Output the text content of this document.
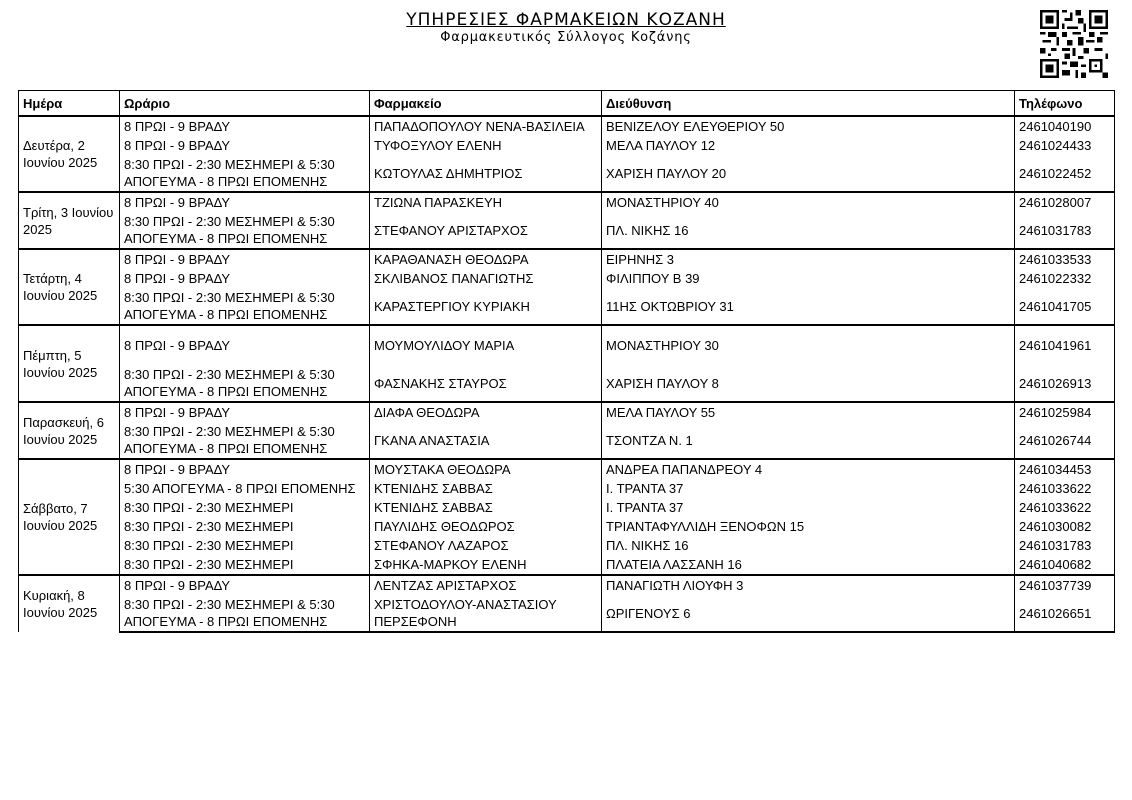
ΥΠΗΡΕΣΙΕΣ ΦΑΡΜΑΚΕΙΩΝ ΚΟΖΑΝΗ
Φαρμακευτικός Σύλλογος Κοζάνης
Ημέρα	Ωράριο	Φαρμακείο	Διεύθυνση	Τηλέφωνο
Δευτέρα, 2 Ιουνίου 2025	8 ΠΡΩΙ - 9 ΒΡΑΔΥ	ΠΑΠΑΔΟΠΟΥΛΟΥ ΝΕΝΑ-ΒΑΣΙΛΕΙΑ	ΒΕΝΙΖΕΛΟΥ ΕΛΕΥΘΕΡΙΟΥ 50	2461040190
	8 ΠΡΩΙ - 9 ΒΡΑΔΥ	ΤΥΦΟΞΥΛΟΥ ΕΛΕΝΗ	ΜΕΛΑ ΠΑΥΛΟΥ 12	2461024433
	8:30 ΠΡΩΙ - 2:30 ΜΕΣΗΜΕΡΙ & 5:30 ΑΠΟΓΕΥΜΑ - 8 ΠΡΩΙ ΕΠΟΜΕΝΗΣ	ΚΩΤΟΥΛΑΣ ΔΗΜΗΤΡΙΟΣ	ΧΑΡΙΣΗ ΠΑΥΛΟΥ 20	2461022452
Τρίτη, 3 Ιουνίου 2025	8 ΠΡΩΙ - 9 ΒΡΑΔΥ	ΤΖΙΩΝΑ ΠΑΡΑΣΚΕΥΗ	ΜΟΝΑΣΤΗΡΙΟΥ 40	2461028007
	8:30 ΠΡΩΙ - 2:30 ΜΕΣΗΜΕΡΙ & 5:30 ΑΠΟΓΕΥΜΑ - 8 ΠΡΩΙ ΕΠΟΜΕΝΗΣ	ΣΤΕΦΑΝΟΥ ΑΡΙΣΤΑΡΧΟΣ	ΠΛ. ΝΙΚΗΣ 16	2461031783
Τετάρτη, 4 Ιουνίου 2025	8 ΠΡΩΙ - 9 ΒΡΑΔΥ	ΚΑΡΑΘΑΝΑΣΗ ΘΕΟΔΩΡΑ	ΕΙΡΗΝΗΣ 3	2461033533
	8 ΠΡΩΙ - 9 ΒΡΑΔΥ	ΣΚΛΙΒΑΝΟΣ ΠΑΝΑΓΙΩΤΗΣ	ΦΙΛΙΠΠΟΥ Β 39	2461022332
	8:30 ΠΡΩΙ - 2:30 ΜΕΣΗΜΕΡΙ & 5:30 ΑΠΟΓΕΥΜΑ - 8 ΠΡΩΙ ΕΠΟΜΕΝΗΣ	ΚΑΡΑΣΤΕΡΓΙΟΥ ΚΥΡΙΑΚΗ	11ΗΣ ΟΚΤΩΒΡΙΟΥ 31	2461041705
Πέμπτη, 5 Ιουνίου 2025	8 ΠΡΩΙ - 9 ΒΡΑΔΥ	ΜΟΥΜΟΥΛΙΔΟΥ ΜΑΡΙΑ	ΜΟΝΑΣΤΗΡΙΟΥ 30	2461041961
	8:30 ΠΡΩΙ - 2:30 ΜΕΣΗΜΕΡΙ & 5:30 ΑΠΟΓΕΥΜΑ - 8 ΠΡΩΙ ΕΠΟΜΕΝΗΣ	ΦΑΣΝΑΚΗΣ ΣΤΑΥΡΟΣ	ΧΑΡΙΣΗ ΠΑΥΛΟΥ 8	2461026913
Παρασκευή, 6 Ιουνίου 2025	8 ΠΡΩΙ - 9 ΒΡΑΔΥ	ΔΙΑΦΑ ΘΕΟΔΩΡΑ	ΜΕΛΑ ΠΑΥΛΟΥ 55	2461025984
	8:30 ΠΡΩΙ - 2:30 ΜΕΣΗΜΕΡΙ & 5:30 ΑΠΟΓΕΥΜΑ - 8 ΠΡΩΙ ΕΠΟΜΕΝΗΣ	ΓΚΑΝΑ ΑΝΑΣΤΑΣΙΑ	ΤΣΟΝΤΖΑ Ν. 1	2461026744
Σάββατο, 7 Ιουνίου 2025	8 ΠΡΩΙ - 9 ΒΡΑΔΥ	ΜΟΥΣΤΑΚΑ ΘΕΟΔΩΡΑ	ΑΝΔΡΕΑ ΠΑΠΑΝΔΡΕΟΥ 4	2461034453
	5:30 ΑΠΟΓΕΥΜΑ - 8 ΠΡΩΙ ΕΠΟΜΕΝΗΣ	ΚΤΕΝΙΔΗΣ ΣΑΒΒΑΣ	Ι. ΤΡΑΝΤΑ 37	2461033622
	8:30 ΠΡΩΙ - 2:30 ΜΕΣΗΜΕΡΙ	ΚΤΕΝΙΔΗΣ ΣΑΒΒΑΣ	Ι. ΤΡΑΝΤΑ 37	2461033622
	8:30 ΠΡΩΙ - 2:30 ΜΕΣΗΜΕΡΙ	ΠΑΥΛΙΔΗΣ ΘΕΟΔΩΡΟΣ	ΤΡΙΑΝΤΑΦΥΛΛΙΔΗ ΞΕΝΟΦΩΝ 15	2461030082
	8:30 ΠΡΩΙ - 2:30 ΜΕΣΗΜΕΡΙ	ΣΤΕΦΑΝΟΥ ΛΑΖΑΡΟΣ	ΠΛ. ΝΙΚΗΣ 16	2461031783
	8:30 ΠΡΩΙ - 2:30 ΜΕΣΗΜΕΡΙ	ΣΦΗΚΑ-ΜΑΡΚΟΥ ΕΛΕΝΗ	ΠΛΑΤΕΙΑ ΛΑΣΣΑΝΗ 16	2461040682
Κυριακή, 8 Ιουνίου 2025	8 ΠΡΩΙ - 9 ΒΡΑΔΥ	ΛΕΝΤΖΑΣ ΑΡΙΣΤΑΡΧΟΣ	ΠΑΝΑΓΙΩΤΗ ΛΙΟΥΦΗ 3	2461037739
	8:30 ΠΡΩΙ - 2:30 ΜΕΣΗΜΕΡΙ & 5:30 ΑΠΟΓΕΥΜΑ - 8 ΠΡΩΙ ΕΠΟΜΕΝΗΣ	ΧΡΙΣΤΟΔΟΥΛΟΥ-ΑΝΑΣΤΑΣΙΟΥ ΠΕΡΣΕΦΟΝΗ	ΩΡΙΓΕΝΟΥΣ 6	2461026651
